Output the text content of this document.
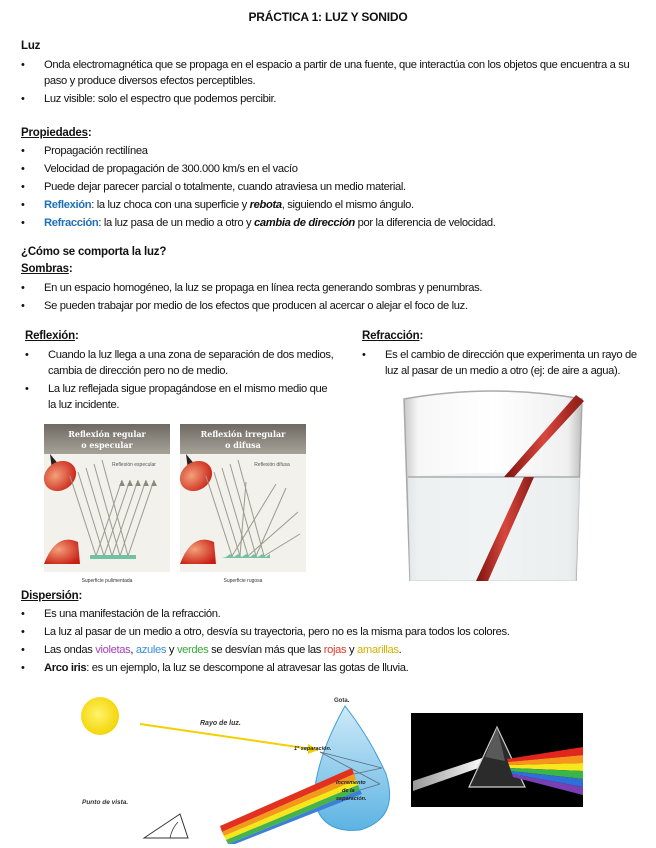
PRÁCTICA 1: LUZ Y SONIDO
Luz
• Onda electromagnética que se propaga en el espacio a partir de una fuente, que interactúa con los objetos que encuentra a su paso y produce diversos efectos perceptibles.
• Luz visible: solo el espectro que podemos percibir.
Propiedades:
• Propagación rectilínea
• Velocidad de propagación de 300.000 km/s en el vacío
• Puede dejar parecer parcial o totalmente, cuando atraviesa un medio material.
• Reflexión: la luz choca con una superficie y rebota, siguiendo el mismo ángulo.
• Refracción: la luz pasa de un medio a otro y cambia de dirección por la diferencia de velocidad.
¿Cómo se comporta la luz?
Sombras:
• En un espacio homogéneo, la luz se propaga en línea recta generando sombras y penumbras.
• Se pueden trabajar por medio de los efectos que producen al acercar o alejar el foco de luz.
Reflexión:
• Cuando la luz llega a una zona de separación de dos medios, cambia de dirección pero no de medio.
• La luz reflejada sigue propagándose en el mismo medio que la luz incidente.
Refracción:
• Es el cambio de dirección que experimenta un rayo de luz al pasar de un medio a otro (ej: de aire a agua).
Reflexión regular
o especular
Reflexión especular
Superficie pulimentada
Reflexión irregular
o difusa
Reflexión difusa
Superficie rugosa
Dispersión:
• Es una manifestación de la refracción.
• La luz al pasar de un medio a otro, desvía su trayectoria, pero no es la misma para todos los colores.
• Las ondas violetas, azules y verdes se desvían más que las rojas y amarillas.
• Arco iris: es un ejemplo, la luz se descompone al atravesar las gotas de lluvia.
Rayo de luz.
Gota.
1° separación.
Incremento
de la
separación.
Punto de vista.
